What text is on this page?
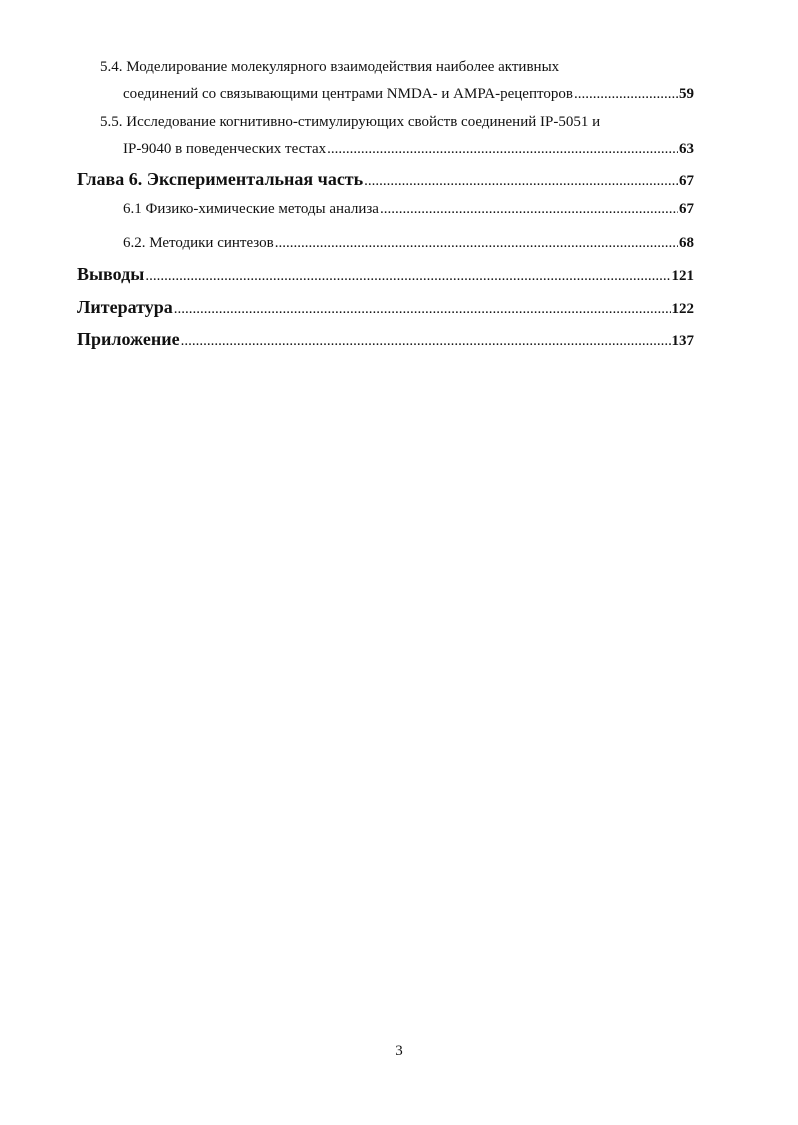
5.4. Моделирование молекулярного взаимодействия наиболее активных
соединений со связывающими центрами NMDA- и AMPA-рецепторов .....	59
5.5. Исследование когнитивно-стимулирующих свойств соединений IP-5051 и
IP-9040 в поведенческих тестах .....	63
Глава 6. Экспериментальная часть .....	67
6.1 Физико-химические методы анализа .....	67
6.2. Методики синтезов .....	68
Выводы .....	121
Литература .....	122
Приложение .....	137
3
